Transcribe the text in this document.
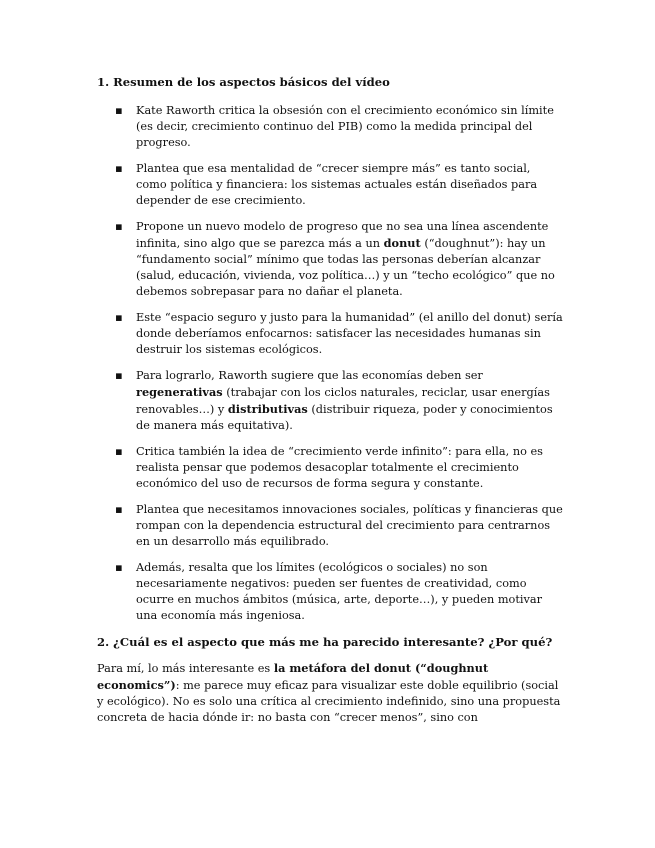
1. Resumen de los aspectos básicos del vídeo
▪ Kate Raworth critica la obsesión con el crecimiento económico sin límite (es decir, crecimiento continuo del PIB) como la medida principal del progreso.
▪ Plantea que esa mentalidad de “crecer siempre más” es tanto social, como política y financiera: los sistemas actuales están diseñados para depender de ese crecimiento.
▪ Propone un nuevo modelo de progreso que no sea una línea ascendente infinita, sino algo que se parezca más a un donut (“doughnut”): hay un “fundamento social” mínimo que todas las personas deberían alcanzar (salud, educación, vivienda, voz política…) y un “techo ecológico” que no debemos sobrepasar para no dañar el planeta.
▪ Este “espacio seguro y justo para la humanidad” (el anillo del donut) sería donde deberíamos enfocarnos: satisfacer las necesidades humanas sin destruir los sistemas ecológicos.
▪ Para lograrlo, Raworth sugiere que las economías deben ser regenerativas (trabajar con los ciclos naturales, reciclar, usar energías renovables…) y distributivas (distribuir riqueza, poder y conocimientos de manera más equitativa).
▪ Critica también la idea de “crecimiento verde infinito”: para ella, no es realista pensar que podemos desacoplar totalmente el crecimiento económico del uso de recursos de forma segura y constante.
▪ Plantea que necesitamos innovaciones sociales, políticas y financieras que rompan con la dependencia estructural del crecimiento para centrarnos en un desarrollo más equilibrado.
▪ Además, resalta que los límites (ecológicos o sociales) no son necesariamente negativos: pueden ser fuentes de creatividad, como ocurre en muchos ámbitos (música, arte, deporte…), y pueden motivar una economía más ingeniosa.
2. ¿Cuál es el aspecto que más me ha parecido interesante? ¿Por qué?

Para mí, lo más interesante es la metáfora del donut (“doughnut economics”): me parece muy eficaz para visualizar este doble equilibrio (social y ecológico). No es solo una crítica al crecimiento indefinido, sino una propuesta concreta de hacia dónde ir: no basta con “crecer menos”, sino con
